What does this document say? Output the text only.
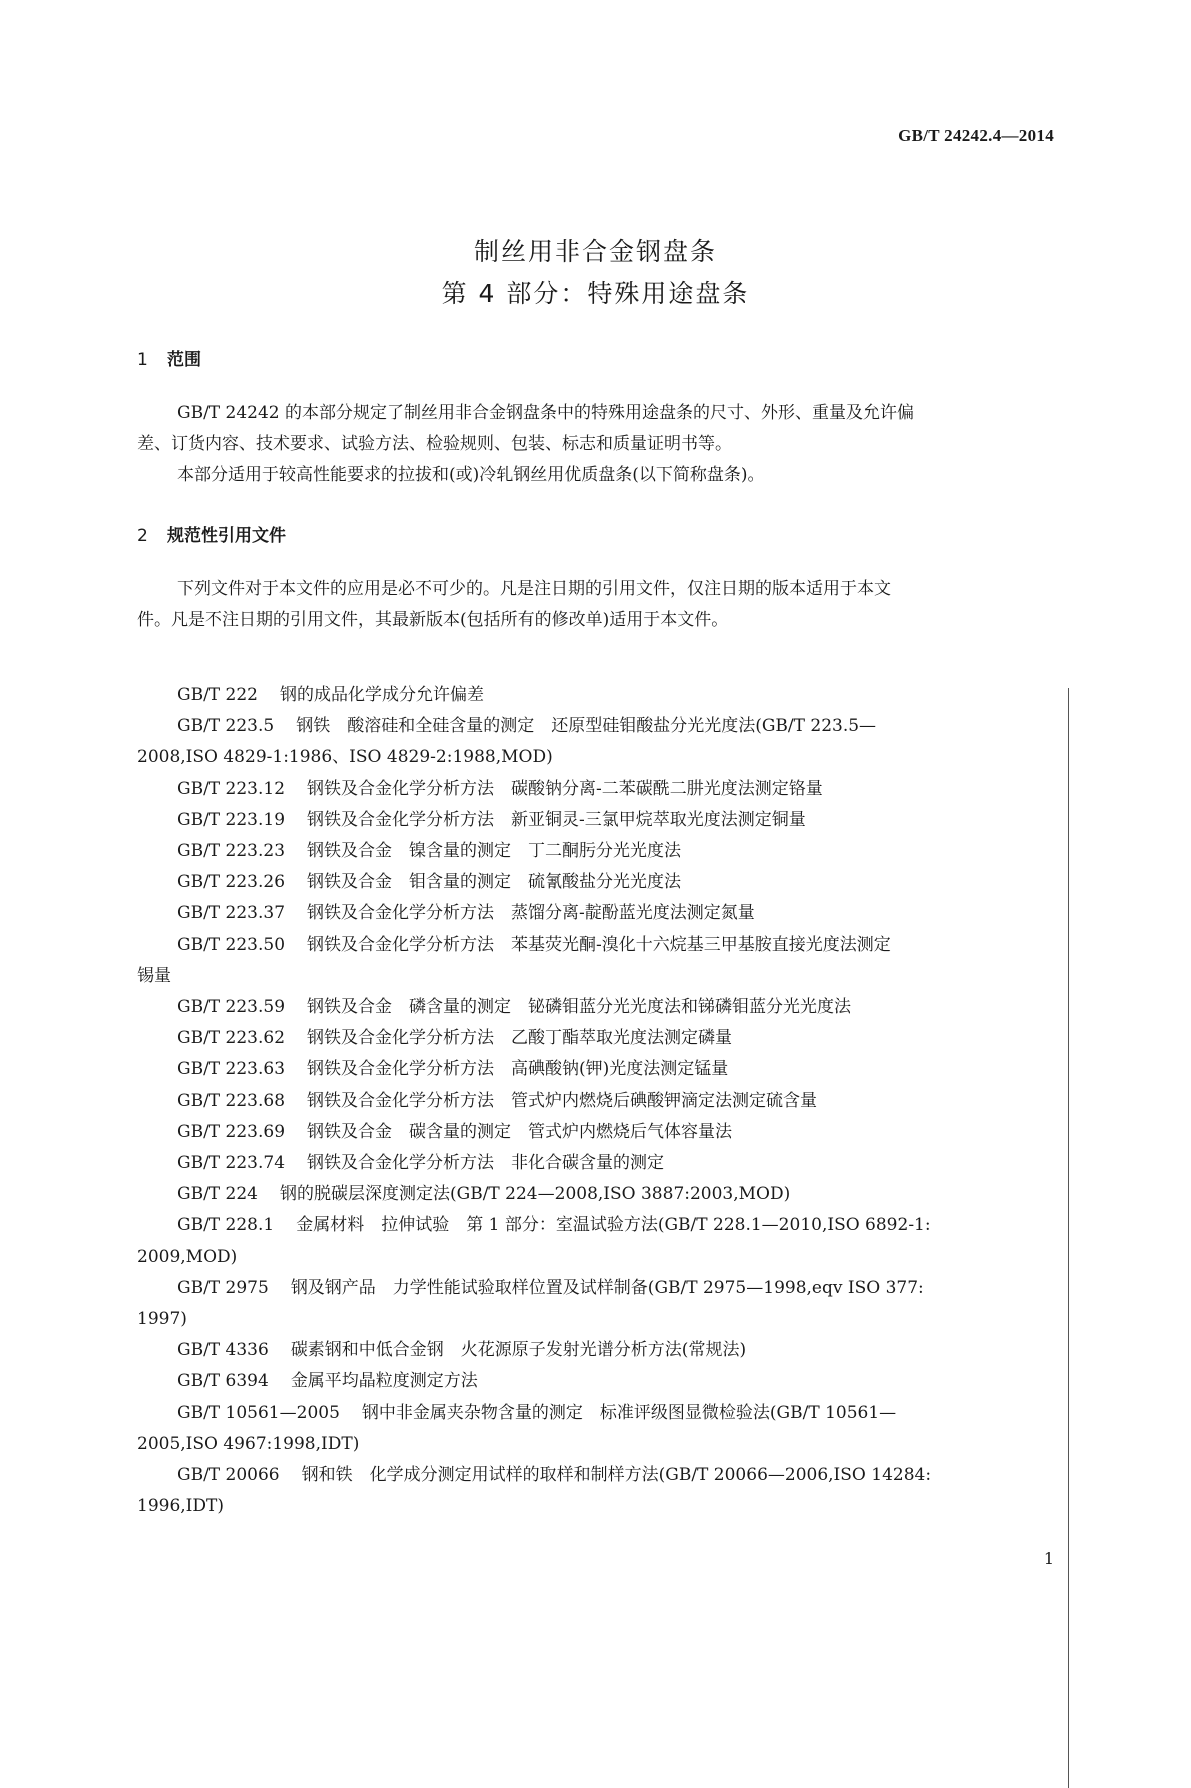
GB/T 24242.4—2014
制丝用非合金钢盘条
第 4 部分：特殊用途盘条
1 范围
GB/T 24242 的本部分规定了制丝用非合金钢盘条中的特殊用途盘条的尺寸、外形、重量及允许偏
差、订货内容、技术要求、试验方法、检验规则、包装、标志和质量证明书等。
本部分适用于较高性能要求的拉拔和(或)冷轧钢丝用优质盘条(以下简称盘条)。
2 规范性引用文件
下列文件对于本文件的应用是必不可少的。凡是注日期的引用文件，仅注日期的版本适用于本文
件。凡是不注日期的引用文件，其最新版本(包括所有的修改单)适用于本文件。
GB/T 222 钢的成品化学成分允许偏差
GB/T 223.5 钢铁　酸溶硅和全硅含量的测定　还原型硅钼酸盐分光光度法(GB/T 223.5—
2008,ISO 4829-1:1986、ISO 4829-2:1988,MOD)
GB/T 223.12 钢铁及合金化学分析方法　碳酸钠分离-二苯碳酰二肼光度法测定铬量
GB/T 223.19 钢铁及合金化学分析方法　新亚铜灵-三氯甲烷萃取光度法测定铜量
GB/T 223.23 钢铁及合金　镍含量的测定　丁二酮肟分光光度法
GB/T 223.26 钢铁及合金　钼含量的测定　硫氰酸盐分光光度法
GB/T 223.37 钢铁及合金化学分析方法　蒸馏分离-靛酚蓝光度法测定氮量
GB/T 223.50 钢铁及合金化学分析方法　苯基荧光酮-溴化十六烷基三甲基胺直接光度法测定
锡量
GB/T 223.59 钢铁及合金　磷含量的测定　铋磷钼蓝分光光度法和锑磷钼蓝分光光度法
GB/T 223.62 钢铁及合金化学分析方法　乙酸丁酯萃取光度法测定磷量
GB/T 223.63 钢铁及合金化学分析方法　高碘酸钠(钾)光度法测定锰量
GB/T 223.68 钢铁及合金化学分析方法　管式炉内燃烧后碘酸钾滴定法测定硫含量
GB/T 223.69 钢铁及合金　碳含量的测定　管式炉内燃烧后气体容量法
GB/T 223.74 钢铁及合金化学分析方法　非化合碳含量的测定
GB/T 224 钢的脱碳层深度测定法(GB/T 224—2008,ISO 3887:2003,MOD)
GB/T 228.1 金属材料　拉伸试验　第 1 部分：室温试验方法(GB/T 228.1—2010,ISO 6892-1:
2009,MOD)
GB/T 2975 钢及钢产品　力学性能试验取样位置及试样制备(GB/T 2975—1998,eqv ISO 377:
1997)
GB/T 4336 碳素钢和中低合金钢　火花源原子发射光谱分析方法(常规法)
GB/T 6394 金属平均晶粒度测定方法
GB/T 10561—2005 钢中非金属夹杂物含量的测定　标准评级图显微检验法(GB/T 10561—
2005,ISO 4967:1998,IDT)
GB/T 20066 钢和铁　化学成分测定用试样的取样和制样方法(GB/T 20066—2006,ISO 14284:
1996,IDT)
1
